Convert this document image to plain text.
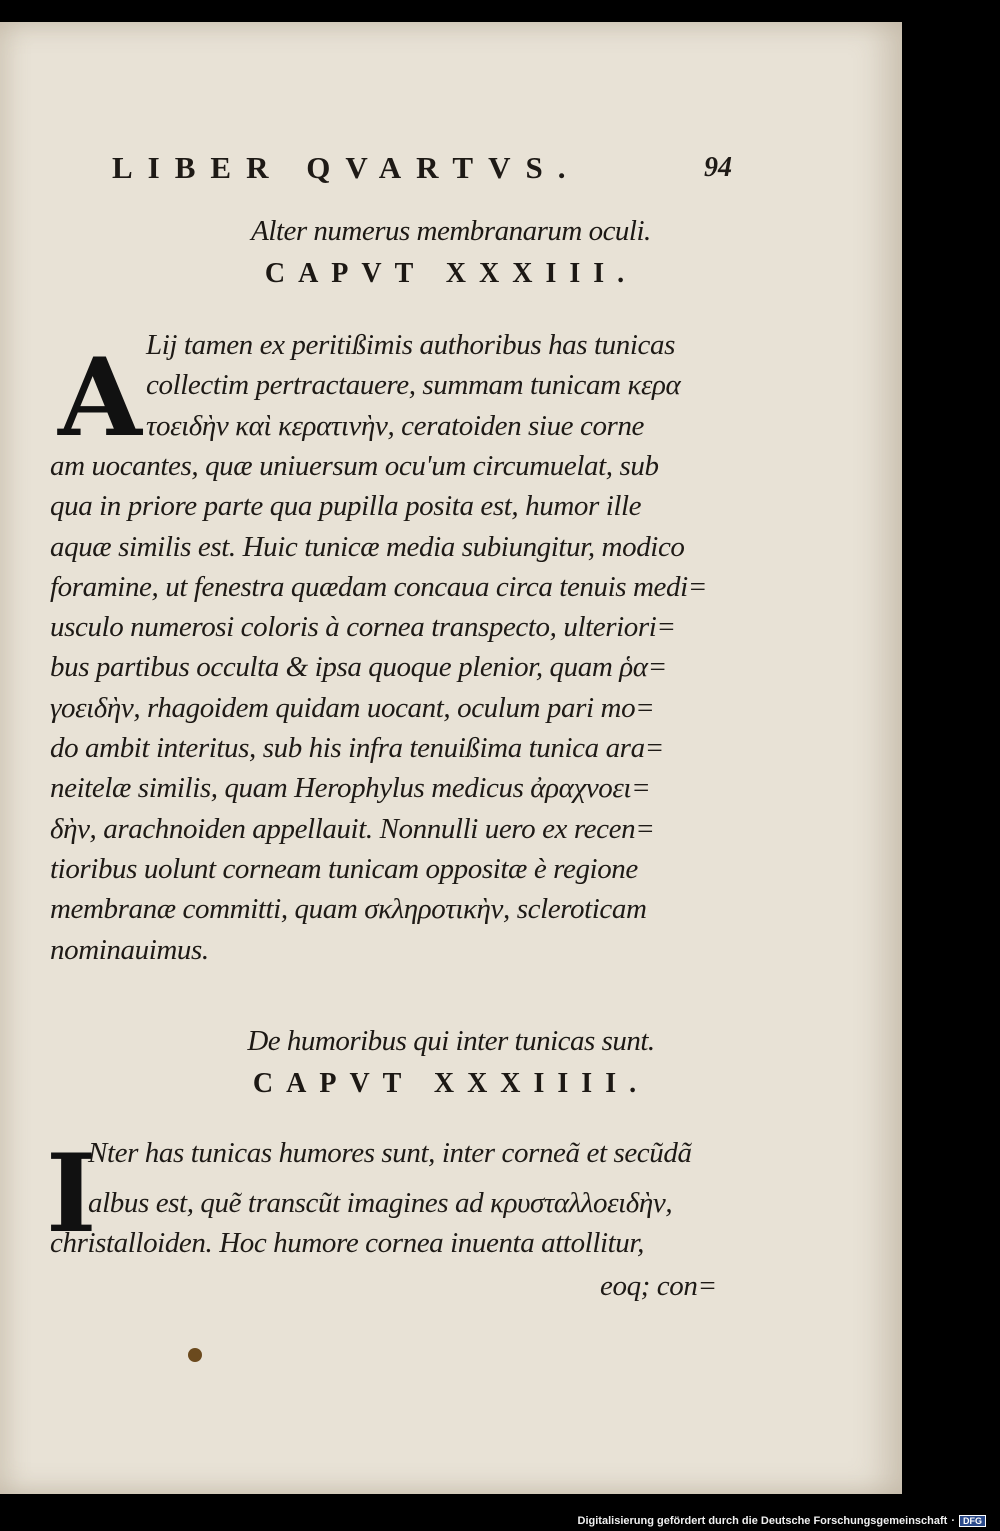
LIBER QVARTVS.	94
Alter numerus membranarum oculi.
CAPVT XXXIII.
A Lij tamen ex peritißimis authoribus has tunicas
collectim pertractauere, summam tunicam κερα
τοειδὴν καὶ κερατινὴν, ceratoiden siue corne
am uocantes, quæ uniuersum ocu'um circumuelat, sub
qua in priore parte qua pupilla posita est, humor ille
aquæ similis est. Huic tunicæ media subiungitur, modico
foramine, ut fenestra quædam concaua circa tenuis medi=
usculo numerosi coloris à cornea transpecto, ulteriori=
bus partibus occulta & ipsa quoque plenior, quam ῥα=
γοειδὴν, rhagoidem quidam uocant, oculum pari mo=
do ambit interitus, sub his infra tenuißima tunica ara=
neitelæ similis, quam Herophylus medicus ἀραχνοει=
δὴν, arachnoiden appellauit. Nonnulli uero ex recen=
tioribus uolunt corneam tunicam oppositæ è regione
membranæ committi, quam σκληροτικὴν, scleroticam
nominauimus.
De humoribus qui inter tunicas sunt.
CAPVT XXXIIII.
I
Nter has tunicas humores sunt, inter corneã et secũdã
albus est, quẽ transcũt imagines ad κρυσταλλοειδὴν,
christalloiden. Hoc humore cornea inuenta attollitur,
eoq; con=
Digitalisierung gefördert durch die Deutsche Forschungsgemeinschaft · DFG
